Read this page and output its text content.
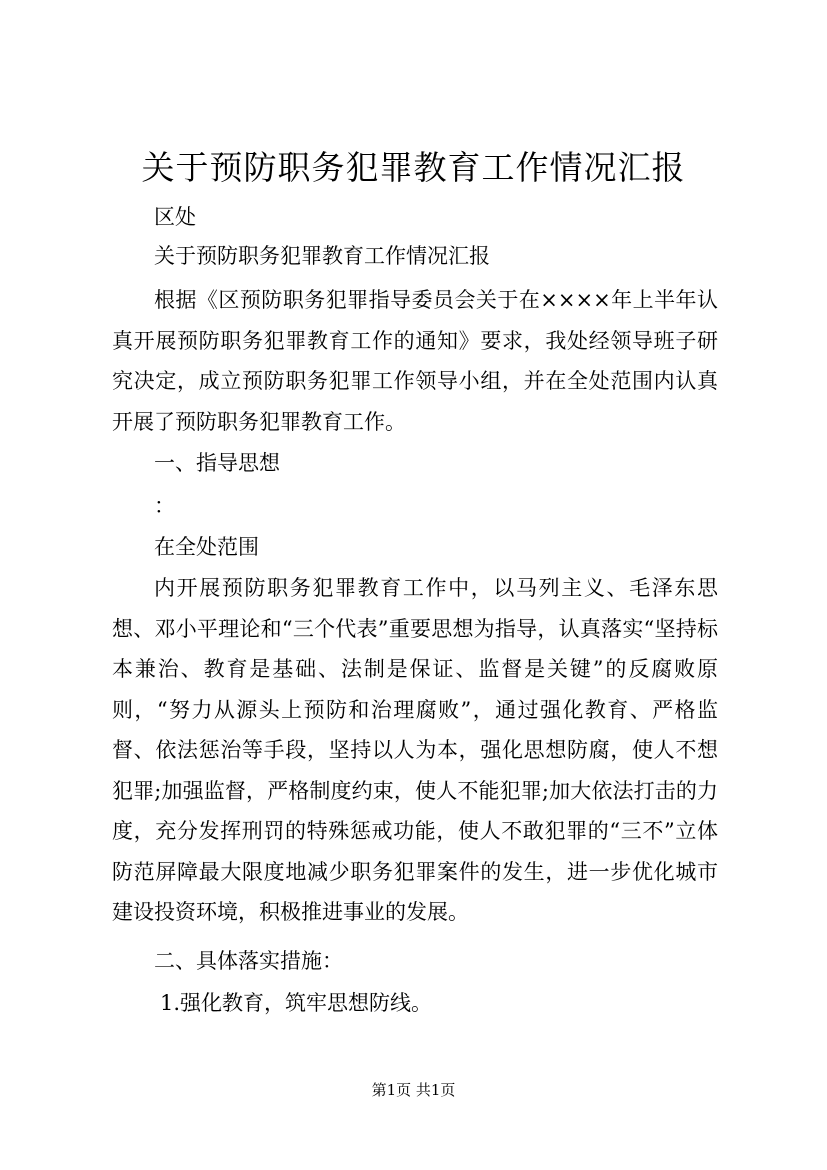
关于预防职务犯罪教育工作情况汇报

区处

关于预防职务犯罪教育工作情况汇报

根据《区预防职务犯罪指导委员会关于在××××年上半年认真开展预防职务犯罪教育工作的通知》要求，我处经领导班子研究决定，成立预防职务犯罪工作领导小组，并在全处范围内认真开展了预防职务犯罪教育工作。

一、指导思想

：

在全处范围

内开展预防职务犯罪教育工作中，以马列主义、毛泽东思想、邓小平理论和“三个代表”重要思想为指导，认真落实“坚持标本兼治、教育是基础、法制是保证、监督是关键”的反腐败原则，“努力从源头上预防和治理腐败”，通过强化教育、严格监督、依法惩治等手段，坚持以人为本，强化思想防腐，使人不想犯罪;加强监督，严格制度约束，使人不能犯罪;加大依法打击的力度，充分发挥刑罚的特殊惩戒功能，使人不敢犯罪的“三不”立体防范屏障最大限度地减少职务犯罪案件的发生，进一步优化城市建设投资环境，积极推进事业的发展。

二、具体落实措施：

1.强化教育，筑牢思想防线。

第1页 共1页
